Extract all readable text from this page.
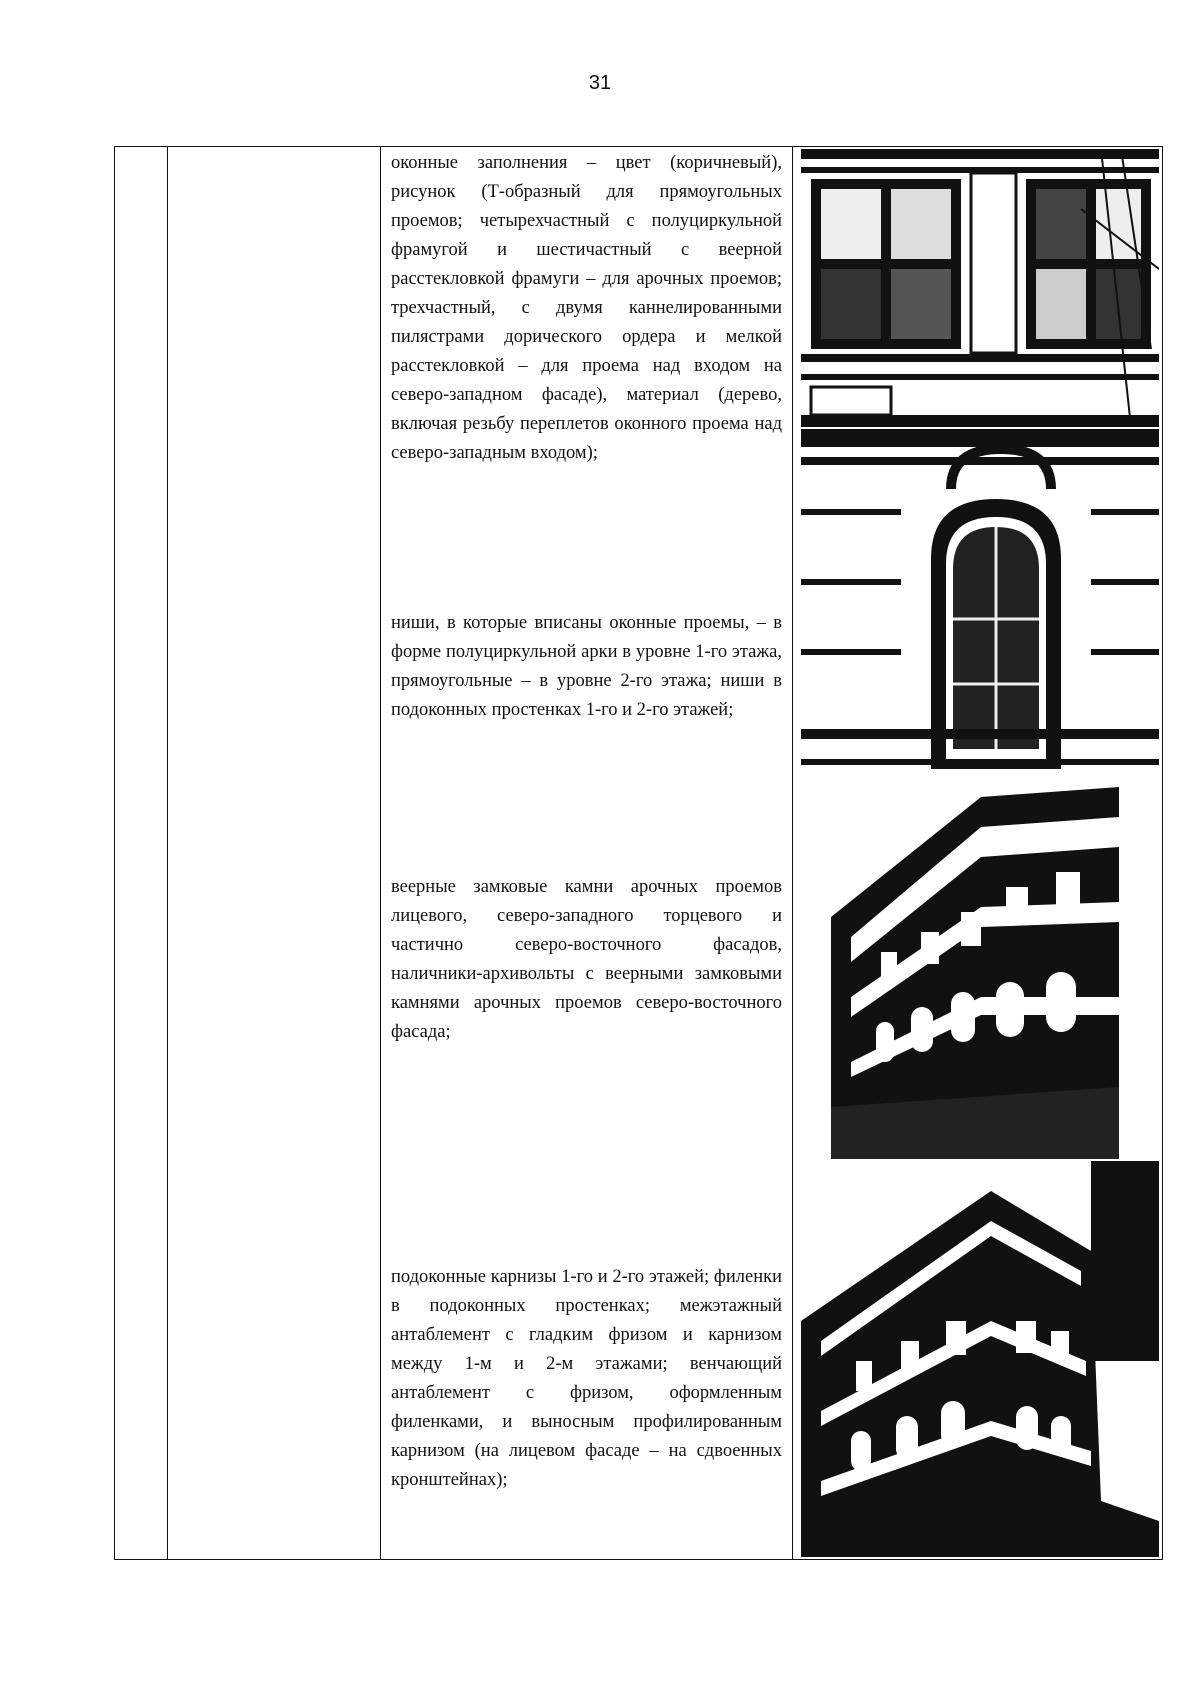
31

оконные заполнения – цвет (коричневый), рисунок (Т-образный для прямоугольных проемов; четырехчастный с полуциркульной фрамугой и шестичастный с веерной расстекловкой фрамуги – для арочных проемов; трехчастный, с двумя каннелированными пилястрами дорического ордера и мелкой расстекловкой – для проема над входом на северо-западном фасаде), материал (дерево, включая резьбу переплетов оконного проема над северо-западным входом);

ниши, в которые вписаны оконные проемы, – в форме полуциркульной арки в уровне 1-го этажа, прямоугольные – в уровне 2-го этажа; ниши в подоконных простенках 1-го и 2-го этажей;

веерные замковые камни арочных проемов лицевого, северо-западного торцевого и частично северо-восточного фасадов, наличники-архивольты с веерными замковыми камнями арочных проемов северо-восточного фасада;

подоконные карнизы 1-го и 2-го этажей; филенки в подоконных простенках; межэтажный антаблемент с гладким фризом и карнизом между 1-м и 2-м этажами; венчающий антаблемент с фризом, оформленным филенками, и выносным профилированным карнизом (на лицевом фасаде – на сдвоенных кронштейнах);
